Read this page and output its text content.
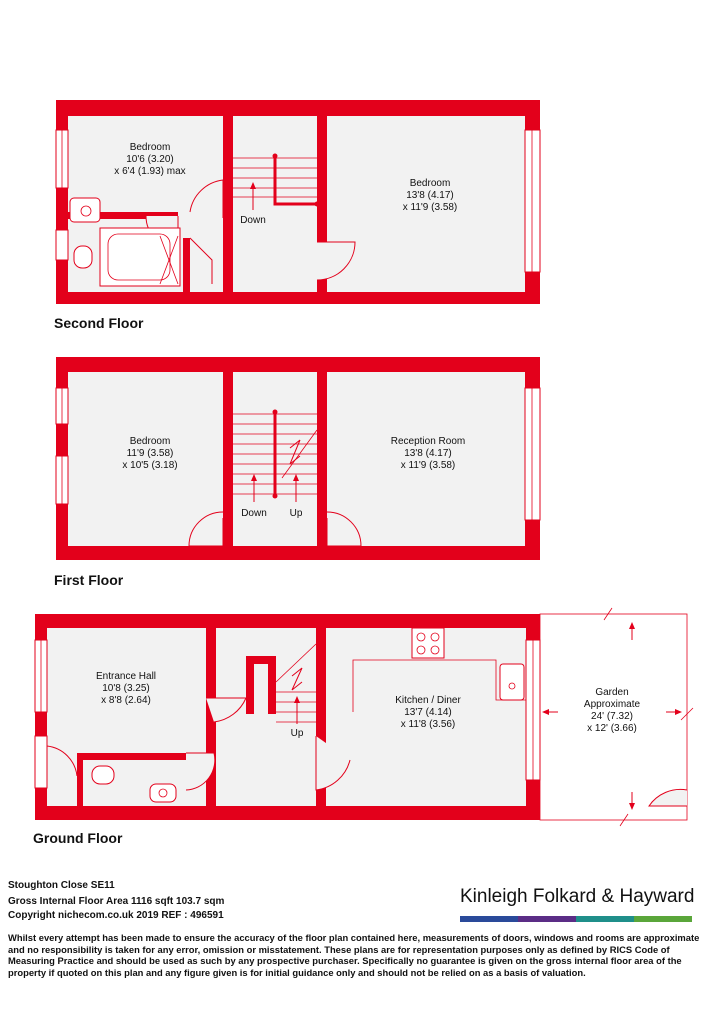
Bedroom
10'6 (3.20)
x 6'4 (1.93) max
Bedroom
13'8 (4.17)
x 11'9 (3.58)
Down
Bedroom
11'9 (3.58)
x 10'5 (3.18)
Reception Room
13'8 (4.17)
x 11'9 (3.58)
Down Up
Entrance Hall
10'8 (3.25)
x 8'8 (2.64)	Kitchen / Diner
13'7 (4.14)
x 11'8 (3.56)
Garden
Approximate
24' (7.32)
x 12' (3.66)
Up
Second Floor
First Floor
Ground Floor
Stoughton Close SE11
Gross Internal Floor Area 1116 sqft 103.7 sqm
Copyright nichecom.co.uk 2019 REF : 496591
Whilst every attempt has been made to ensure the accuracy of the floor plan contained here, measurements of doors, windows and rooms are approximate and no responsibility is taken for any error, omission or misstatement. These plans are for representation purposes only as defined by RICS Code of Measuring Practice and should be used as such by any prospective purchaser. Specifically no guarantee is given on the gross internal floor area of the property if quoted on this plan and any figure given is for initial guidance only and should not be relied on as a basis of valuation.
Kinleigh Folkard & Hayward
